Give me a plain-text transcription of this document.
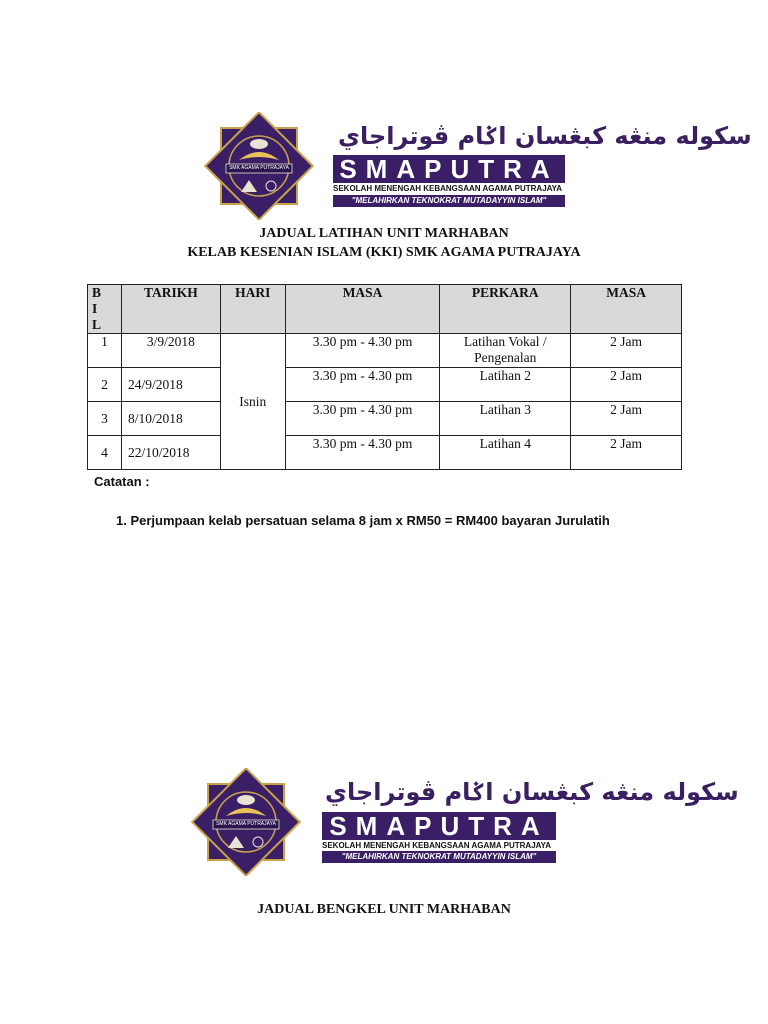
SMK AGAMA PUTRAJAYA
سكوله منڠه كبڠسان اݢام ڤوتراجاي
SMAPUTRA
SEKOLAH MENENGAH KEBANGSAAN AGAMA PUTRAJAYA
"MELAHIRKAN TEKNOKRAT MUTADAYYIN ISLAM"
JADUAL LATIHAN UNIT MARHABAN
KELAB KESENIAN ISLAM (KKI) SMK AGAMA PUTRAJAYA
BIL	TARIKH	HARI	MASA	PERKARA	MASA
1	3/9/2018	Isnin	3.30 pm - 4.30 pm	Latihan Vokal / Pengenalan	2 Jam
2	24/9/2018		3.30 pm - 4.30 pm	Latihan 2	2 Jam
3	8/10/2018		3.30 pm - 4.30 pm	Latihan 3	2 Jam
4	22/10/2018		3.30 pm - 4.30 pm	Latihan 4	2 Jam
Catatan :
1. Perjumpaan kelab persatuan selama 8 jam x RM50 = RM400 bayaran Jurulatih
SMK AGAMA PUTRAJAYA
سكوله منڠه كبڠسان اݢام ڤوتراجاي
SMAPUTRA
SEKOLAH MENENGAH KEBANGSAAN AGAMA PUTRAJAYA
"MELAHIRKAN TEKNOKRAT MUTADAYYIN ISLAM"
JADUAL BENGKEL UNIT MARHABAN
